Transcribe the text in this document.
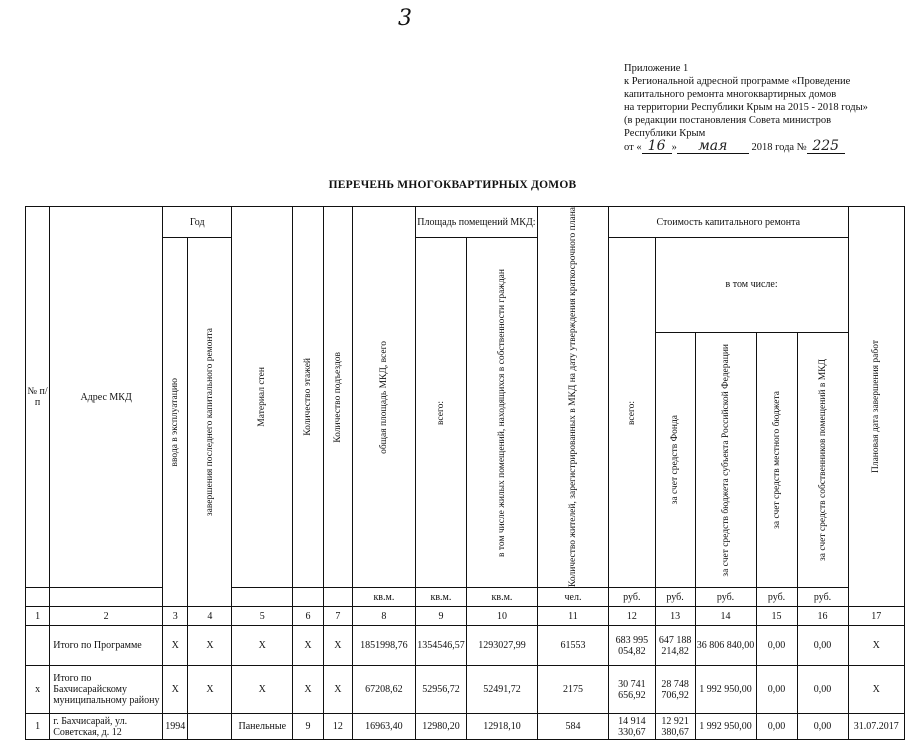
3
Приложение 1
к Региональной адресной программе «Проведение
капитального ремонта многоквартирных домов
на территории Республики Крым на 2015 - 2018 годы»
(в редакции постановления Совета министров
Республики Крым
от « 16 » мая 2018 года № 225
ПЕРЕЧЕНЬ МНОГОКВАРТИРНЫХ ДОМОВ
№ п/п	Адрес МКД	Год		Материал стен	Количество этажей	Количество подъездов	общая площадь МКД, всего	Площадь помещений МКД:		Количество жителей, зарегистрированных в МКД на дату утверждения краткосрочного плана	Стоимость капитального ремонта					Плановая дата завершения работ

		ввода в эксплуатацию	завершения последнего капитального ремонта					всего:	в том числе жилых помещений, находящихся в собственности граждан		всего:	в том числе:				

												за счет средств Фонда	за счет средств бюджета субъекта Российской Федерации	за счет средств местного бюджета	за счет средств собственников помещений в МКД	

							кв.м.	кв.м.	кв.м.	чел.	руб.	руб.	руб.	руб.	руб.	
1	2	3	4	5	6	7	8	9	10	11	12	13	14	15	16	17
	Итого по Программе	X	X	X	X	X	1851998,76	1354546,57	1293027,99	61553	683 995 054,82	647 188 214,82	36 806 840,00	0,00	0,00	X
x	Итого по Бахчисарайскому муниципальному району	X	X	X	X	X	67208,62	52956,72	52491,72	2175	30 741 656,92	28 748 706,92	1 992 950,00	0,00	0,00	X
1	г. Бахчисарай, ул. Советская, д. 12	1994		Панельные	9	12	16963,40	12980,20	12918,10	584	14 914 330,67	12 921 380,67	1 992 950,00	0,00	0,00	31.07.2017
